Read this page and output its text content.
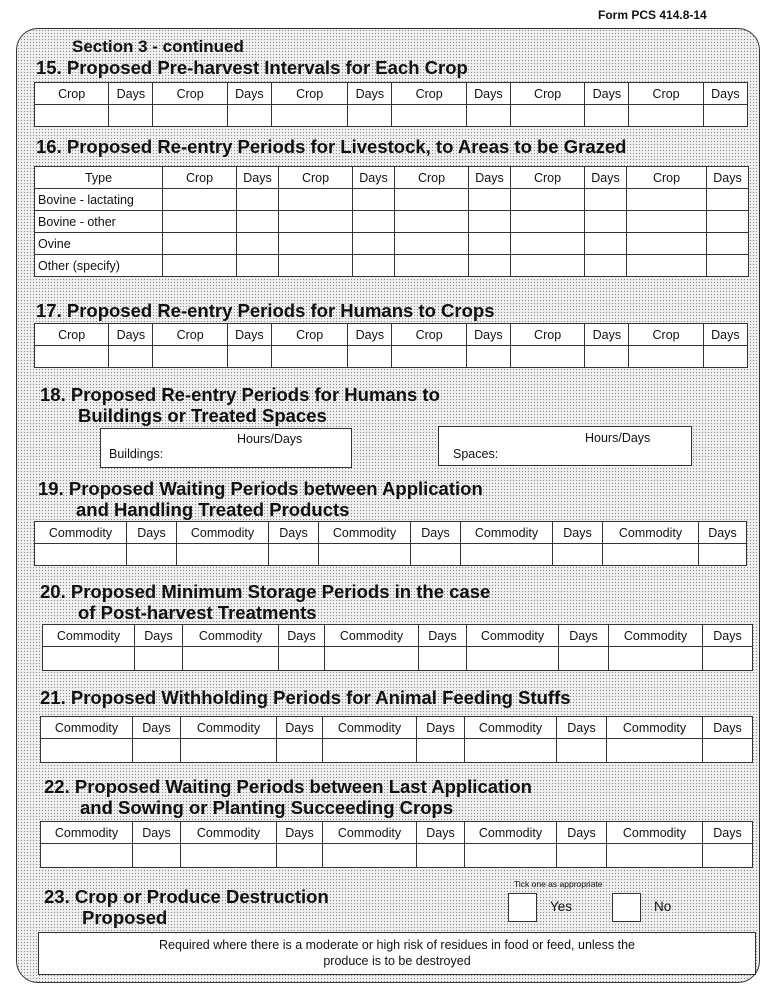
Form PCS 414.8-14
Section 3 - continued
15. Proposed Pre-harvest Intervals for Each Crop
Crop	Days	Crop	Days	Crop	Days	Crop	Days	Crop	Days	Crop	Days

16. Proposed Re-entry Periods for Livestock, to Areas to be Grazed
Type	Crop	Days	Crop	Days	Crop	Days	Crop	Days	Crop	Days
Bovine - lactating										
Bovine - other										
Ovine										
Other (specify)										
17. Proposed Re-entry Periods for Humans to Crops
Crop	Days	Crop	Days	Crop	Days	Crop	Days	Crop	Days	Crop	Days

18. Proposed Re-entry Periods for Humans to
Buildings or Treated Spaces
Hours/Days
Buildings:
Hours/Days
Spaces:
19. Proposed Waiting Periods between Application
and Handling Treated Products
Commodity	Days	Commodity	Days	Commodity	Days	Commodity	Days	Commodity	Days

20. Proposed Minimum Storage Periods in the case
of Post-harvest Treatments
Commodity	Days	Commodity	Days	Commodity	Days	Commodity	Days	Commodity	Days

21. Proposed Withholding Periods for Animal Feeding Stuffs
Commodity	Days	Commodity	Days	Commodity	Days	Commodity	Days	Commodity	Days

22. Proposed Waiting Periods between Last Application
and Sowing or Planting Succeeding Crops
Commodity	Days	Commodity	Days	Commodity	Days	Commodity	Days	Commodity	Days

23. Crop or Produce Destruction
Proposed
Tick one as appropriate
Yes	No
Required where there is a moderate or high risk of residues in food or feed, unless the
produce is to be destroyed
